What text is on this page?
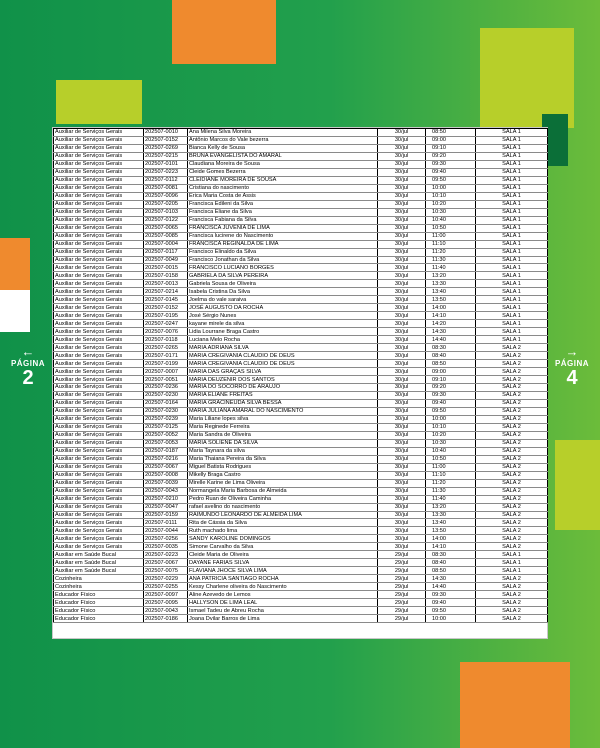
←
PÁGINA
2
→
PÁGINA
4
Auxiliar de Serviços Gerais	202507-0010	Ana Milena Silva Moreira	30/jul	08:50	SALA 1
Auxiliar de Serviços Gerais	202507-0152	Antônio Marcos do Vale bezerra	30/jul	09:00	SALA 1
Auxiliar de Serviços Gerais	202507-0269	Bianca Kelly de Sousa	30/jul	09:10	SALA 1
Auxiliar de Serviços Gerais	202507-0215	BRUNA EVANGELISTA DO AMARAL	30/jul	09:20	SALA 1
Auxiliar de Serviços Gerais	202507-0101	Claudiana Moreira de Sousa	30/jul	09:30	SALA 1
Auxiliar de Serviços Gerais	202507-0223	Cleide Gomes Bezerra	30/jul	09:40	SALA 1
Auxiliar de Serviços Gerais	202507-0112	CLEIDIANE MOREIRA DE SOUSA	30/jul	09:50	SALA 1
Auxiliar de Serviços Gerais	202507-0081	Cristiana do nascimento	30/jul	10:00	SALA 1
Auxiliar de Serviços Gerais	202507-0096	Érica Maria Costa de Assis	30/jul	10:10	SALA 1
Auxiliar de Serviços Gerais	202507-0205	Francisca Edileni da Silva	30/jul	10:20	SALA 1
Auxiliar de Serviços Gerais	202507-0103	Francisca Eliane da Silva	30/jul	10:30	SALA 1
Auxiliar de Serviços Gerais	202507-0122	Francisca Fabiana da Silva	30/jul	10:40	SALA 1
Auxiliar de Serviços Gerais	202507-0065	FRANCISCA JUVENIA DE LIMA	30/jul	10:50	SALA 1
Auxiliar de Serviços Gerais	202507-0085	Francisca lucirene do Nascimento	30/jul	11:00	SALA 1
Auxiliar de Serviços Gerais	202507-0004	FRANCISCA REGINALDA DE LIMA	30/jul	11:10	SALA 1
Auxiliar de Serviços Gerais	202507-0117	Francisco Elinaldo da Silva	30/jul	11:20	SALA 1
Auxiliar de Serviços Gerais	202507-0049	Francisco Jonathan da Silva	30/jul	11:30	SALA 1
Auxiliar de Serviços Gerais	202507-0015	FRANCISCO LUCIANO BORGES	30/jul	11:40	SALA 1
Auxiliar de Serviços Gerais	202507-0158	GABRIELA DA SILVA PEREIRA	30/jul	13:20	SALA 1
Auxiliar de Serviços Gerais	202507-0013	Gabriela Sousa de Oliveira	30/jul	13:30	SALA 1
Auxiliar de Serviços Gerais	202507-0214	Isabela Cristina Da Silva	30/jul	13:40	SALA 1
Auxiliar de Serviços Gerais	202507-0145	Joelma do vale saraiva	30/jul	13:50	SALA 1
Auxiliar de Serviços Gerais	202507-0152	JOSÉ AUGUSTO DA ROCHA	30/jul	14:00	SALA 1
Auxiliar de Serviços Gerais	202507-0195	José Sérgio Nunes	30/jul	14:10	SALA 1
Auxiliar de Serviços Gerais	202507-0247	kayane mirele da silva	30/jul	14:20	SALA 1
Auxiliar de Serviços Gerais	202507-0076	Lidia Lourrane Braga Castro	30/jul	14:30	SALA 1
Auxiliar de Serviços Gerais	202507-0118	Luciana Melo Rocha	30/jul	14:40	SALA 1
Auxiliar de Serviços Gerais	202507-0265	MARIA ADRIANA SILVA	30/jul	08:30	SALA 2
Auxiliar de Serviços Gerais	202507-0171	MARIA CREGIVANIA CLAUDIO DE DEUS	30/jul	08:40	SALA 2
Auxiliar de Serviços Gerais	202507-0199	MARIA CREGIVANIA CLAUDIO DE DEUS	30/jul	08:50	SALA 2
Auxiliar de Serviços Gerais	202507-0007	MARIA DAS GRAÇAS SILVA	30/jul	09:00	SALA 2
Auxiliar de Serviços Gerais	202507-0051	MARIA DEUZENIR DOS SANTOS	30/jul	09:10	SALA 2
Auxiliar de Serviços Gerais	202507-0236	MARIA DO SOCORRO DE ARAUJO	30/jul	09:20	SALA 2
Auxiliar de Serviços Gerais	202507-0230	MARIA ELIANE FREITAS	30/jul	09:30	SALA 2
Auxiliar de Serviços Gerais	202507-0164	MARIA GRACINEUDA SILVA BESSA	30/jul	09:40	SALA 2
Auxiliar de Serviços Gerais	202507-0230	MARIA JULIANA AMARAL DO NASCIMENTO	30/jul	09:50	SALA 2
Auxiliar de Serviços Gerais	202507-0239	Maria Liliane lopes silva	30/jul	10:00	SALA 2
Auxiliar de Serviços Gerais	202507-0125	Maria Reginede Ferreira	30/jul	10:10	SALA 2
Auxiliar de Serviços Gerais	202507-0052	Maria Sandra de Oliveira	30/jul	10:20	SALA 2
Auxiliar de Serviços Gerais	202507-0053	MARIA SOLIENE DA SILVA	30/jul	10:30	SALA 2
Auxiliar de Serviços Gerais	202507-0187	Maria Taynara da silva	30/jul	10:40	SALA 2
Auxiliar de Serviços Gerais	202507-0216	Maria Thaiana Pereira da Silva	30/jul	10:50	SALA 2
Auxiliar de Serviços Gerais	202507-0067	Miguel Batista Rodrigues	30/jul	11:00	SALA 2
Auxiliar de Serviços Gerais	202507-0008	Mikelly Braga Castro	30/jul	11:10	SALA 2
Auxiliar de Serviços Gerais	202507-0039	Mirelle Karine de Lima Oliveira	30/jul	11:20	SALA 2
Auxiliar de Serviços Gerais	202507-0043	Normangela Maria Barbosa de Almeida	30/jul	11:30	SALA 2
Auxiliar de Serviços Gerais	202507-0210	Pedro Ruan de Oliveira Caminha	30/jul	11:40	SALA 2
Auxiliar de Serviços Gerais	202507-0047	rafael avelino do nascimento	30/jul	13:20	SALA 2
Auxiliar de Serviços Gerais	202507-0159	RAIMUNDO LEONARDO DE ALMEIDA LIMA	30/jul	13:30	SALA 2
Auxiliar de Serviços Gerais	202507-0111	Rita de Cássia da Silva	30/jul	13:40	SALA 2
Auxiliar de Serviços Gerais	202507-0044	Ruth machado lima	30/jul	13:50	SALA 2
Auxiliar de Serviços Gerais	202507-0256	SANDY KAROLINE DOMINGOS	30/jul	14:00	SALA 2
Auxiliar de Serviços Gerais	202507-0035	Simone Carvalho da Silva	30/jul	14:10	SALA 2
Auxiliar em Saúde Bucal	202507-0223	Cleide Maria de Oliveira	29/jul	08:30	SALA 1
Auxiliar em Saúde Bucal	202507-0067	DAYANE FARIAS SILVA	29/jul	08:40	SALA 1
Auxiliar em Saúde Bucal	202507-0075	FLAVIANA JHOCE SILVA LIMA	29/jul	08:50	SALA 1
Cozinheira	202507-0229	ANA PATRICIA SANTIAGO ROCHA	29/jul	14:30	SALA 2
Cozinheira	202507-0255	Kessy Charlene oliveira do Nascimento	29/jul	14:40	SALA 2
Educador Físico	202507-0097	Aline Azevedo de Lemos	29/jul	09:30	SALA 2
Educador Físico	202507-0095	HALLYSON DE LIMA LEAL	29/jul	09:40	SALA 2
Educador Físico	202507-0043	Ismael Tadeu de Abreu Rocha	29/jul	09:50	SALA 2
Educador Físico	202507-0186	Joana Dvilar Barros de Lima	29/jul	10:00	SALA 2
